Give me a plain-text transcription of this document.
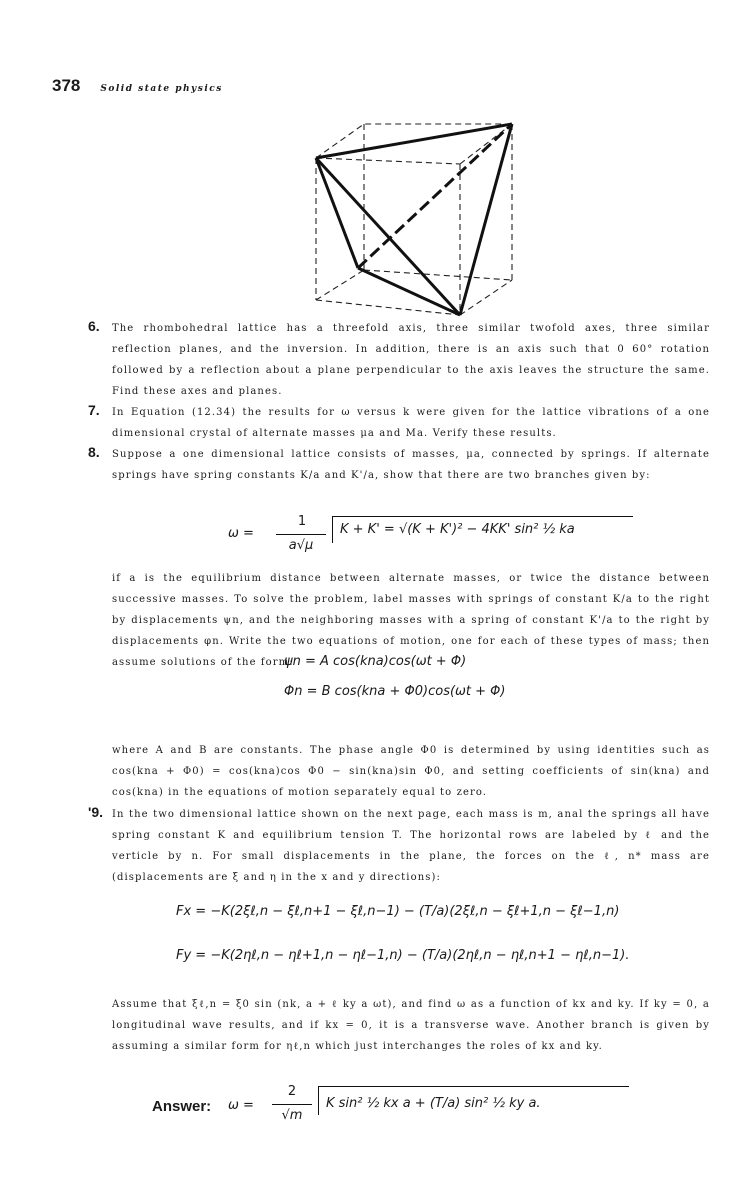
378 Solid state physics
6. The rhombohedral lattice has a threefold axis, three similar twofold axes, three similar reflection planes, and the inversion. In addition, there is an axis such that 0 60° rotation followed by a reflection about a plane perpendicular to the axis leaves the structure the same. Find these axes and planes.

7. In Equation (12.34) the results for ω versus k were given for the lattice vibrations of a one dimensional crystal of alternate masses μa and Ma. Verify these results.

8. Suppose a one dimensional lattice consists of masses, μa, connected by springs. If alternate springs have spring constants K/a and K'/a, show that there are two branches given by:

ω =
1
a√μ
K + K' = √(K + K')² − 4KK' sin² ½ ka

if a is the equilibrium distance between alternate masses, or twice the distance between successive masses. To solve the problem, label masses with springs of constant K/a to the right by displacements ψn, and the neighboring masses with a spring of constant K'/a to the right by displacements φn. Write the two equations of motion, one for each of these types of mass; then assume solutions of the form:

ψn = A cos(kna)cos(ωt + Φ)
Φn = B cos(kna + Φ0)cos(ωt + Φ)

where A and B are constants. The phase angle Φ0 is determined by using identities such as cos(kna + Φ0) = cos(kna)cos Φ0 − sin(kna)sin Φ0, and setting coefficients of sin(kna) and cos(kna) in the equations of motion separately equal to zero.

'9. In the two dimensional lattice shown on the next page, each mass is m, anal the springs all have spring constant K and equilibrium tension T. The horizontal rows are labeled by ℓ and the verticle by n. For small displacements in the plane, the forces on the ℓ, n* mass are (displacements are ξ and η in the x and y directions):

Fx = −K(2ξℓ,n − ξℓ,n+1 − ξℓ,n−1) − (T/a)(2ξℓ,n − ξℓ+1,n − ξℓ−1,n)
Fy = −K(2ηℓ,n − ηℓ+1,n − ηℓ−1,n) − (T/a)(2ηℓ,n − ηℓ,n+1 − ηℓ,n−1).

Assume that ξℓ,n = ξ0 sin (nk, a + ℓ ky a ωt), and find ω as a function of kx and ky. If ky = 0, a longitudinal wave results, and if kx = 0, it is a transverse wave. Another branch is given by assuming a similar form for ηℓ,n which just interchanges the roles of kx and ky.

Answer: ω =
2
√m
K sin² ½ kx a + (T/a) sin² ½ ky a.
